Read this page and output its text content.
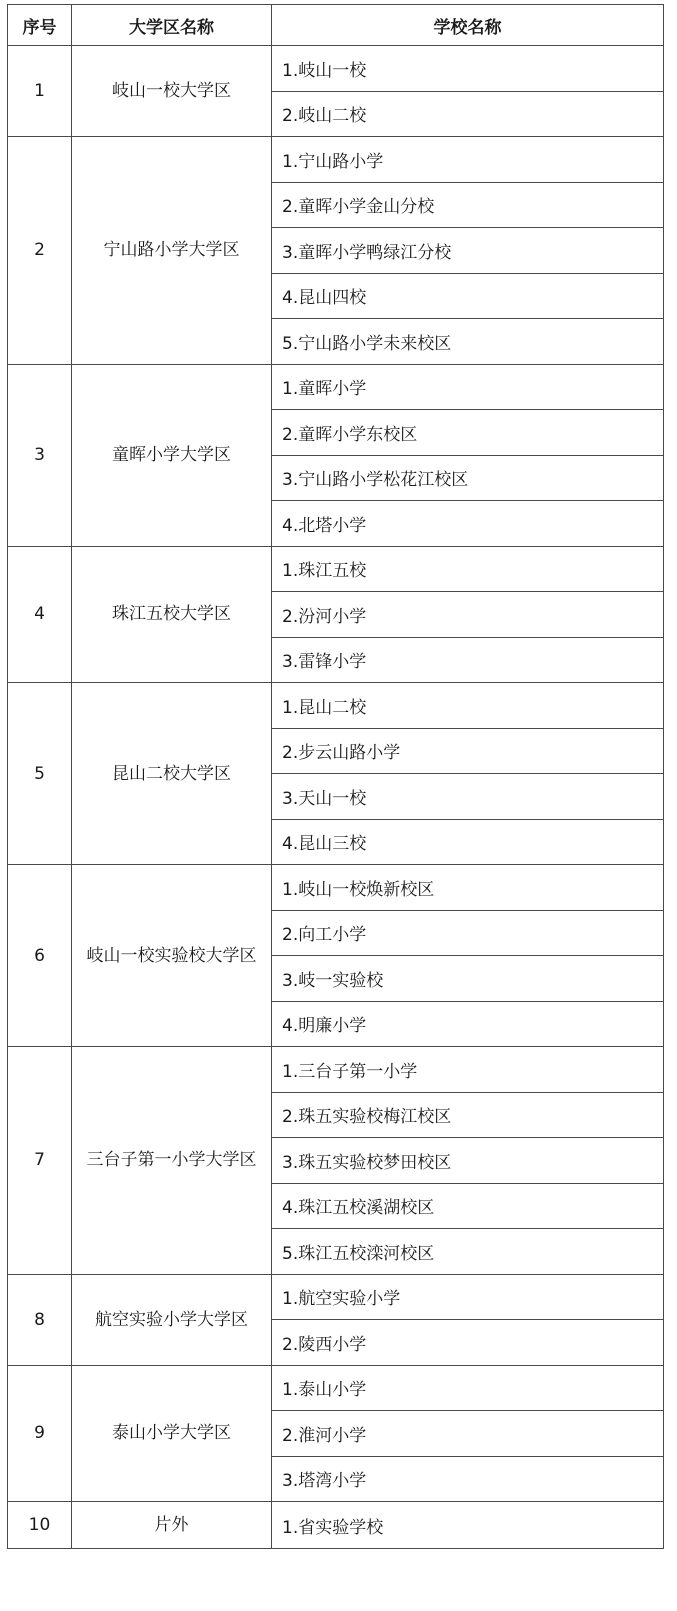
序号	大学区名称	学校名称
1	岐山一校大学区	1.岐山一校
		2.岐山二校
2	宁山路小学大学区	1.宁山路小学
		2.童晖小学金山分校
		3.童晖小学鸭绿江分校
		4.昆山四校
		5.宁山路小学未来校区
3	童晖小学大学区	1.童晖小学
		2.童晖小学东校区
		3.宁山路小学松花江校区
		4.北塔小学
4	珠江五校大学区	1.珠江五校
		2.汾河小学
		3.雷锋小学
5	昆山二校大学区	1.昆山二校
		2.步云山路小学
		3.天山一校
		4.昆山三校
6	岐山一校实验校大学区	1.岐山一校焕新校区
		2.向工小学
		3.岐一实验校
		4.明廉小学
7	三台子第一小学大学区	1.三台子第一小学
		2.珠五实验校梅江校区
		3.珠五实验校梦田校区
		4.珠江五校溪湖校区
		5.珠江五校滦河校区
8	航空实验小学大学区	1.航空实验小学
		2.陵西小学
9	泰山小学大学区	1.泰山小学
		2.淮河小学
		3.塔湾小学
10	片外	1.省实验学校
